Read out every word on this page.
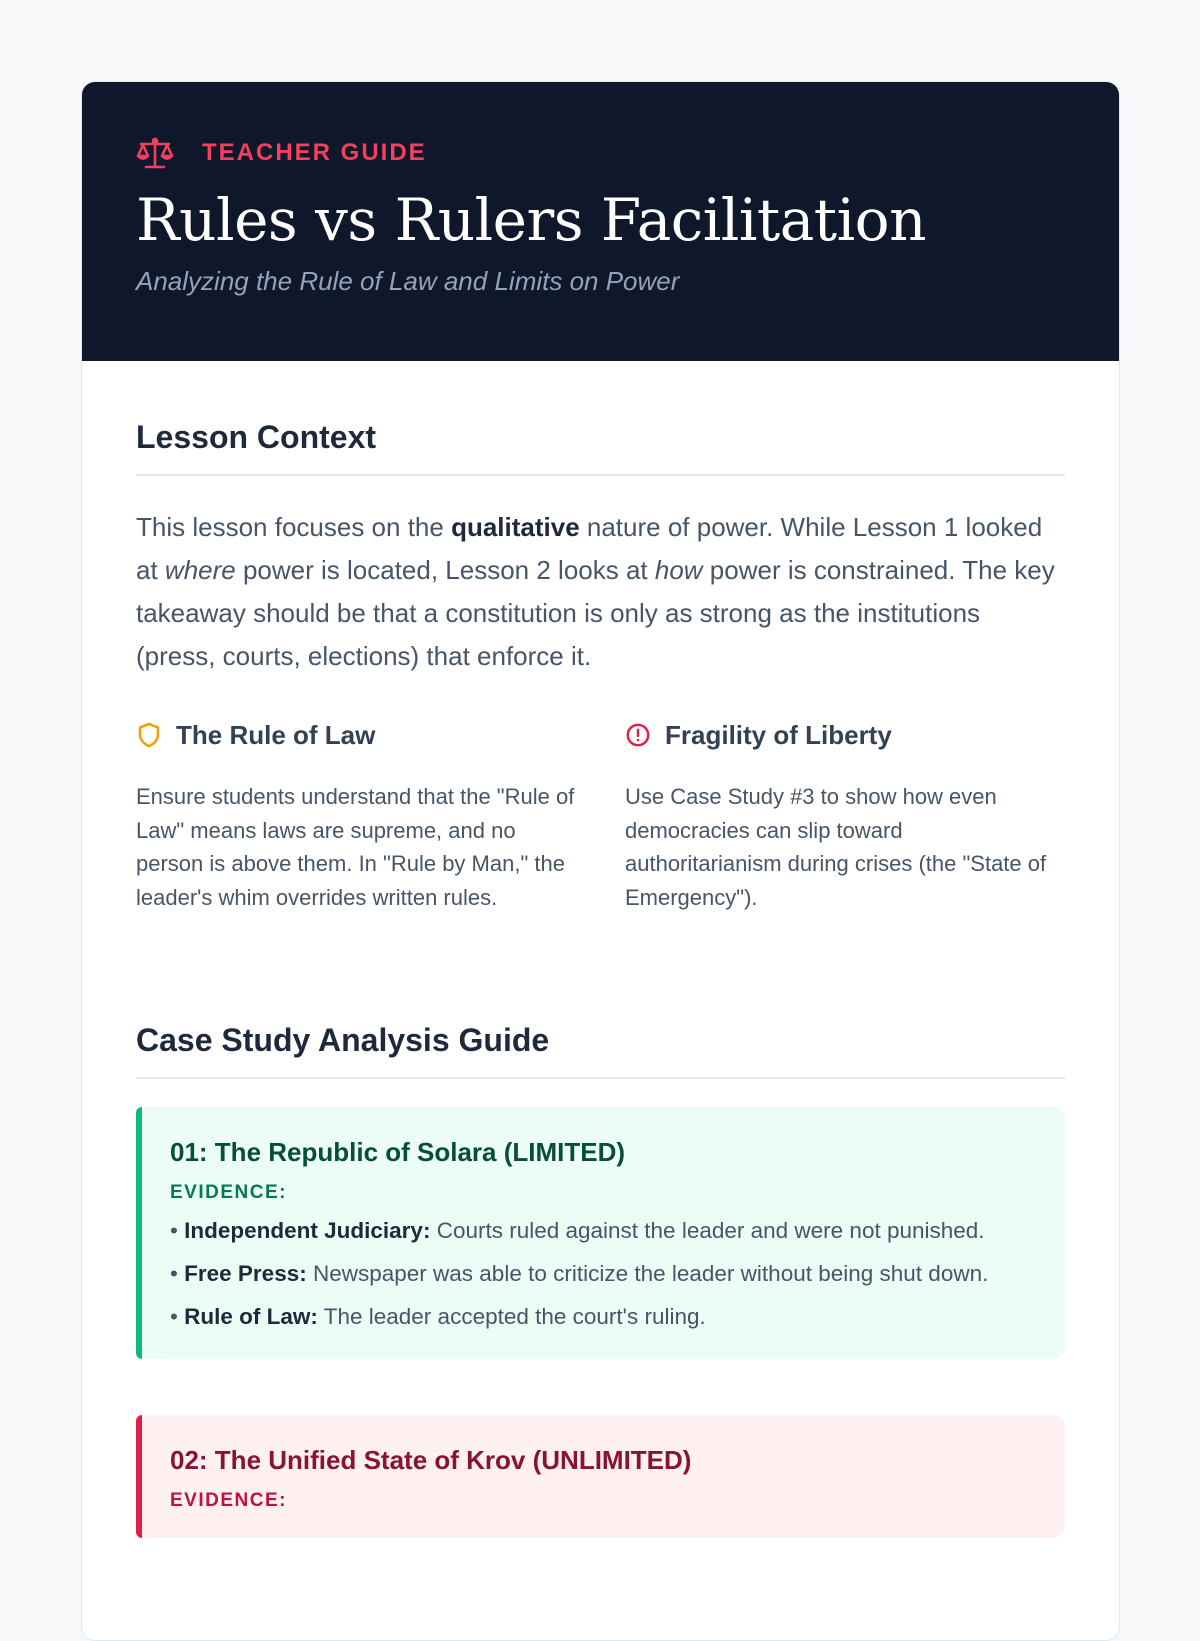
TEACHER GUIDE
Rules vs Rulers Facilitation
Analyzing the Rule of Law and Limits on Power
Lesson Context

This lesson focuses on the qualitative nature of power. While Lesson 1 looked at where power is located, Lesson 2 looks at how power is constrained. The key takeaway should be that a constitution is only as strong as the institutions (press, courts, elections) that enforce it.

The Rule of Law

Ensure students understand that the "Rule of Law" means laws are supreme, and no person is above them. In "Rule by Man," the leader's whim overrides written rules.

Fragility of Liberty

Use Case Study #3 to show how even democracies can slip toward authoritarianism during crises (the "State of Emergency").

Case Study Analysis Guide
01: The Republic of Solara (LIMITED)
EVIDENCE:
• Independent Judiciary: Courts ruled against the leader and were not punished.
• Free Press: Newspaper was able to criticize the leader without being shut down.
• Rule of Law: The leader accepted the court's ruling.
02: The Unified State of Krov (UNLIMITED)
EVIDENCE:
